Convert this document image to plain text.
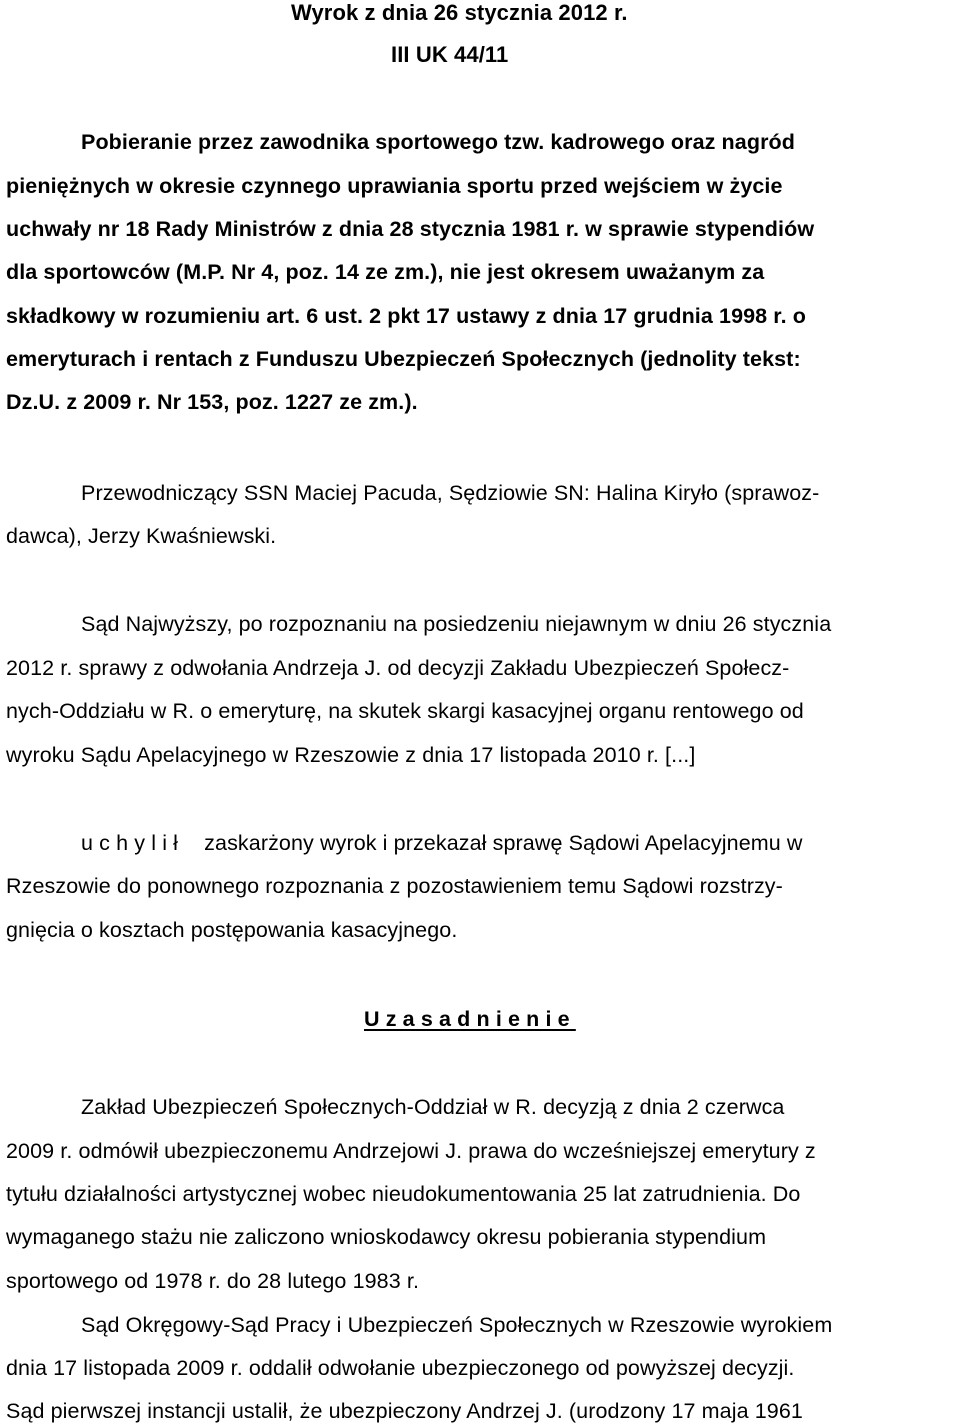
Wyrok z dnia 26 stycznia 2012 r.
III UK 44/11
Pobieranie przez zawodnika sportowego tzw. kadrowego oraz nagród
pieniężnych w okresie czynnego uprawiania sportu przed wejściem w życie
uchwały nr 18 Rady Ministrów z dnia 28 stycznia 1981 r. w sprawie stypendiów
dla sportowców (M.P. Nr 4, poz. 14 ze zm.), nie jest okresem uważanym za
składkowy w rozumieniu art. 6 ust. 2 pkt 17 ustawy z dnia 17 grudnia 1998 r. o
emeryturach i rentach z Funduszu Ubezpieczeń Społecznych (jednolity tekst:
Dz.U. z 2009 r. Nr 153, poz. 1227 ze zm.).
Przewodniczący SSN Maciej Pacuda, Sędziowie SN: Halina Kiryło (sprawoz-
dawca), Jerzy Kwaśniewski.
Sąd Najwyższy, po rozpoznaniu na posiedzeniu niejawnym w dniu 26 stycznia
2012 r. sprawy z odwołania Andrzeja J. od decyzji Zakładu Ubezpieczeń Społecz-
nych-Oddziału w R. o emeryturę, na skutek skargi kasacyjnej organu rentowego od
wyroku Sądu Apelacyjnego w Rzeszowie z dnia 17 listopada 2010 r. [...]
uchylił zaskarżony wyrok i przekazał sprawę Sądowi Apelacyjnemu w
Rzeszowie do ponownego rozpoznania z pozostawieniem temu Sądowi rozstrzy-
gnięcia o kosztach postępowania kasacyjnego.
Uzasadnienie
Zakład Ubezpieczeń Społecznych-Oddział w R. decyzją z dnia 2 czerwca
2009 r. odmówił ubezpieczonemu Andrzejowi J. prawa do wcześniejszej emerytury z
tytułu działalności artystycznej wobec nieudokumentowania 25 lat zatrudnienia. Do
wymaganego stażu nie zaliczono wnioskodawcy okresu pobierania stypendium
sportowego od 1978 r. do 28 lutego 1983 r.
Sąd Okręgowy-Sąd Pracy i Ubezpieczeń Społecznych w Rzeszowie wyrokiem
dnia 17 listopada 2009 r. oddalił odwołanie ubezpieczonego od powyższej decyzji.
Sąd pierwszej instancji ustalił, że ubezpieczony Andrzej J. (urodzony 17 maja 1961
